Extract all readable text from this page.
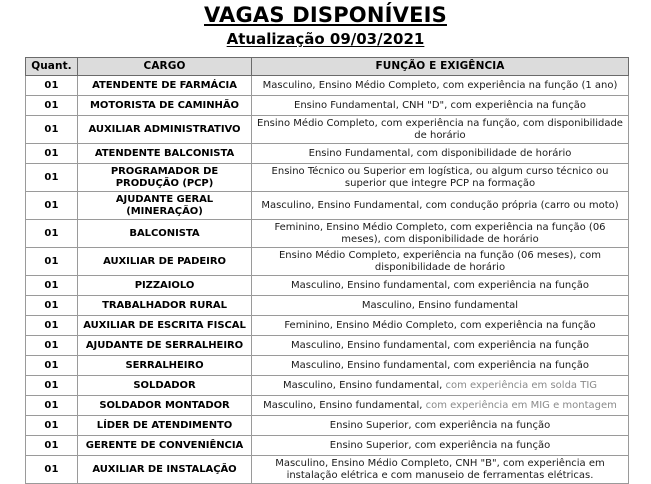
VAGAS DISPONÍVEIS
Atualização 09/03/2021
Quant.	CARGO	FUNÇÃO E EXIGÊNCIA
01	ATENDENTE DE FARMÁCIA	Masculino, Ensino Médio Completo, com experiência na função (1 ano)
01	MOTORISTA DE CAMINHÃO	Ensino Fundamental, CNH "D", com experiência na função
01	AUXILIAR ADMINISTRATIVO	Ensino Médio Completo, com experiência na função, com disponibilidade de horário
01	ATENDENTE BALCONISTA	Ensino Fundamental, com disponibilidade de horário
01	PROGRAMADOR DE PRODUÇÃO (PCP)	Ensino Técnico ou Superior em logística, ou algum curso técnico ou superior que integre PCP na formação
01	AJUDANTE GERAL (MINERAÇÃO)	Masculino, Ensino Fundamental, com condução própria (carro ou moto)
01	BALCONISTA	Feminino, Ensino Médio Completo, com experiência na função (06 meses), com disponibilidade de horário
01	AUXILIAR DE PADEIRO	Ensino Médio Completo, experiência na função (06 meses), com disponibilidade de horário
01	PIZZAIOLO	Masculino, Ensino fundamental, com experiência na função
01	TRABALHADOR RURAL	Masculino, Ensino fundamental
01	AUXILIAR DE ESCRITA FISCAL	Feminino, Ensino Médio Completo, com experiência na função
01	AJUDANTE DE SERRALHEIRO	Masculino, Ensino fundamental, com experiência na função
01	SERRALHEIRO	Masculino, Ensino fundamental, com experiência na função
01	SOLDADOR	Masculino, Ensino fundamental, com experiência em solda TIG
01	SOLDADOR MONTADOR	Masculino, Ensino fundamental, com experiência em MIG e montagem
01	LÍDER DE ATENDIMENTO	Ensino Superior, com experiência na função
01	GERENTE DE CONVENIÊNCIA	Ensino Superior, com experiência na função
01	AUXILIAR DE INSTALAÇÃO	Masculino, Ensino Médio Completo, CNH "B", com experiência em instalação elétrica e com manuseio de ferramentas elétricas.
